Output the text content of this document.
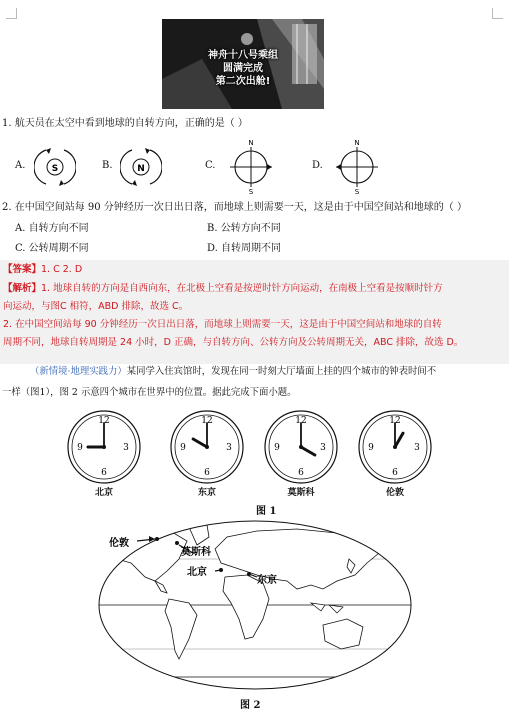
神舟十八号乘组
圆满完成
第二次出舱!
1. 航天员在太空中看到地球的自转方向，正确的是（ ）
A.	S	B.	N	C.
N
S
D.
N
S
2. 在中国空间站每 90 分钟经历一次日出日落，而地球上则需要一天，这是由于中国空间站和地球的（ ）
A. 自转方向不同	B. 公转方向不同
C. 公转周期不同	D. 自转周期不同
【答案】1. C 2. D
【解析】1. 地球自转的方向是自西向东，在北极上空看是按逆时针方向运动，在南极上空看是按顺时针方
向运动，与图C 相符，ABD 排除，故选 C。
2. 在中国空间站每 90 分钟经历一次日出日落，而地球上则需要一天，这是由于中国空间站和地球的自转
周期不同，地球自转周期是 24 小时，D 正确，与自转方向、公转方向及公转周期无关，ABC 排除，故选 D。
（新情境·地理实践力）某同学入住宾馆时，发现在同一时刻大厅墙面上挂的四个城市的钟表时间不
一样（图1），图 2 示意四个城市在世界中的位置。据此完成下面小题。
12
3
6
9
北京
12
3
6
9
东京
12
3
6
9
莫斯科
12
3
6
9
伦敦
图 1
伦敦
莫斯科
北京
东京
图 2
